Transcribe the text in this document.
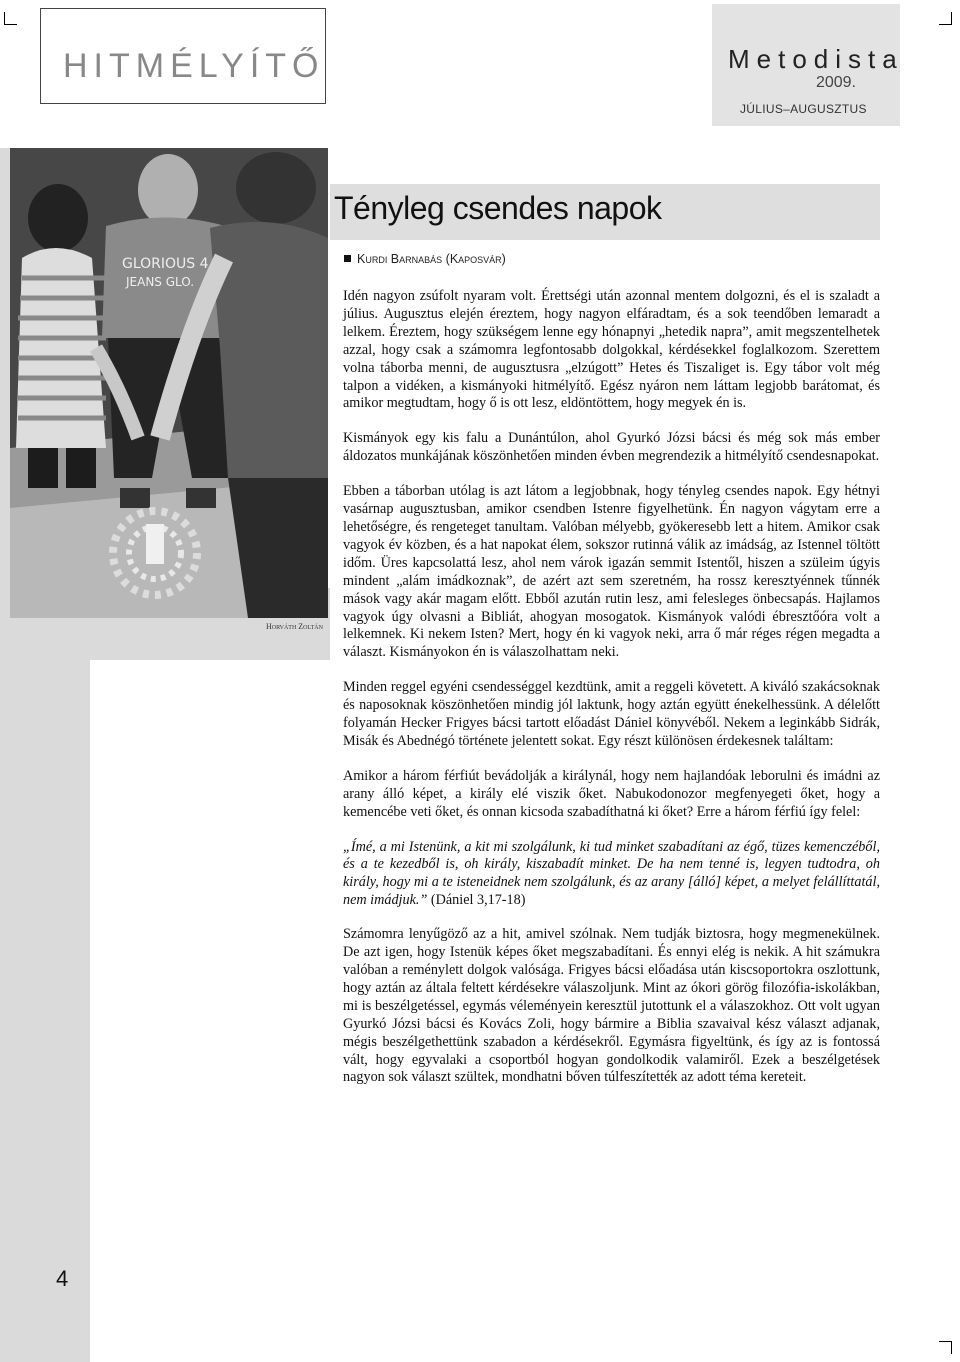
HITMÉLYÍTŐ	Metodista
2009.
JÚLIUS–AUGUSZTUS
GLORIOUS 4
JEANS GLO.
Horváth Zoltán
Tényleg csendes napok
Kurdi Barnabás (Kaposvár)

Idén nagyon zsúfolt nyaram volt. Érettségi után azonnal mentem dolgozni, és el is szaladt a július. Augusztus elején éreztem, hogy nagyon elfáradtam, és a sok teendőben lemaradt a lelkem. Éreztem, hogy szükségem lenne egy hónapnyi „hetedik napra”, amit megszentelhetek azzal, hogy csak a számomra legfontosabb dolgokkal, kérdésekkel foglalkozom. Szerettem volna táborba menni, de augusztusra „elzúgott” Hetes és Tiszaliget is. Egy tábor volt még talpon a vidéken, a kismányoki hitmélyítő. Egész nyáron nem láttam legjobb barátomat, és amikor megtudtam, hogy ő is ott lesz, eldöntöttem, hogy megyek én is.

Kismányok egy kis falu a Dunántúlon, ahol Gyurkó Józsi bácsi és még sok más ember áldozatos munkájának köszönhetően minden évben megrendezik a hitmélyítő csendesnapokat.

Ebben a táborban utólag is azt látom a legjobbnak, hogy tényleg csendes napok. Egy hétnyi vasárnap augusztusban, amikor csendben Istenre figyelhetünk. Én nagyon vágytam erre a lehetőségre, és rengeteget tanultam. Valóban mélyebb, gyökeresebb lett a hitem. Amikor csak vagyok év közben, és a hat napokat élem, sokszor rutinná válik az imádság, az Istennel töltött időm. Üres kapcsolattá lesz, ahol nem várok igazán semmit Istentől, hiszen a szüleim úgyis mindent „alám imádkoznak”, de azért azt sem szeretném, ha rossz keresztyénnek tűnnék mások vagy akár magam előtt. Ebből azután rutin lesz, ami felesleges önbecsapás. Hajlamos vagyok úgy olvasni a Bibliát, ahogyan mosogatok. Kismányok valódi ébresztőóra volt a lelkemnek. Ki nekem Isten? Mert, hogy én ki vagyok neki, arra ő már réges régen megadta a választ. Kismányokon én is válaszolhattam neki.

Minden reggel egyéni csendességgel kezdtünk, amit a reggeli követett. A kiváló szakácsoknak és naposoknak köszönhetően mindig jól laktunk, hogy aztán együtt énekelhessünk. A délelőtt folyamán Hecker Frigyes bácsi tartott előadást Dániel könyvéből. Nekem a leginkább Sidrák, Misák és Abednégó története jelentett sokat. Egy részt különösen érdekesnek találtam:

Amikor a három férfiút bevádolják a királynál, hogy nem hajlandóak leborulni és imádni az arany álló képet, a király elé viszik őket. Nabukodonozor megfenyegeti őket, hogy a kemencébe veti őket, és onnan kicsoda szabadíthatná ki őket? Erre a három férfiú így felel:

„Ímé, a mi Istenünk, a kit mi szolgálunk, ki tud minket szabadítani az égő, tüzes kemenczéből, és a te kezedből is, oh király, kiszabadít minket. De ha nem tenné is, legyen tudtodra, oh király, hogy mi a te isteneidnek nem szolgálunk, és az arany [álló] képet, a melyet felállíttatál, nem imádjuk.” (Dániel 3,17-18)

Számomra lenyűgöző az a hit, amivel szólnak. Nem tudják biztosra, hogy megmenekülnek. De azt igen, hogy Istenük képes őket megszabadítani. És ennyi elég is nekik. A hit számukra valóban a reménylett dolgok valósága. Frigyes bácsi előadása után kiscsoportokra oszlottunk, hogy aztán az általa feltett kérdésekre válaszoljunk. Mint az ókori görög filozófia-iskolákban, mi is beszélgetéssel, egymás véleményein keresztül jutottunk el a válaszokhoz. Ott volt ugyan Gyurkó Józsi bácsi és Kovács Zoli, hogy bármire a Biblia szavaival kész választ adjanak, mégis beszélgethettünk szabadon a kérdésekről. Egymásra figyeltünk, és így az is fontossá vált, hogy egyvalaki a csoportból hogyan gondolkodik valamiről. Ezek a beszélgetések nagyon sok választ szültek, mondhatni bőven túlfeszítették az adott téma kereteit.

4
